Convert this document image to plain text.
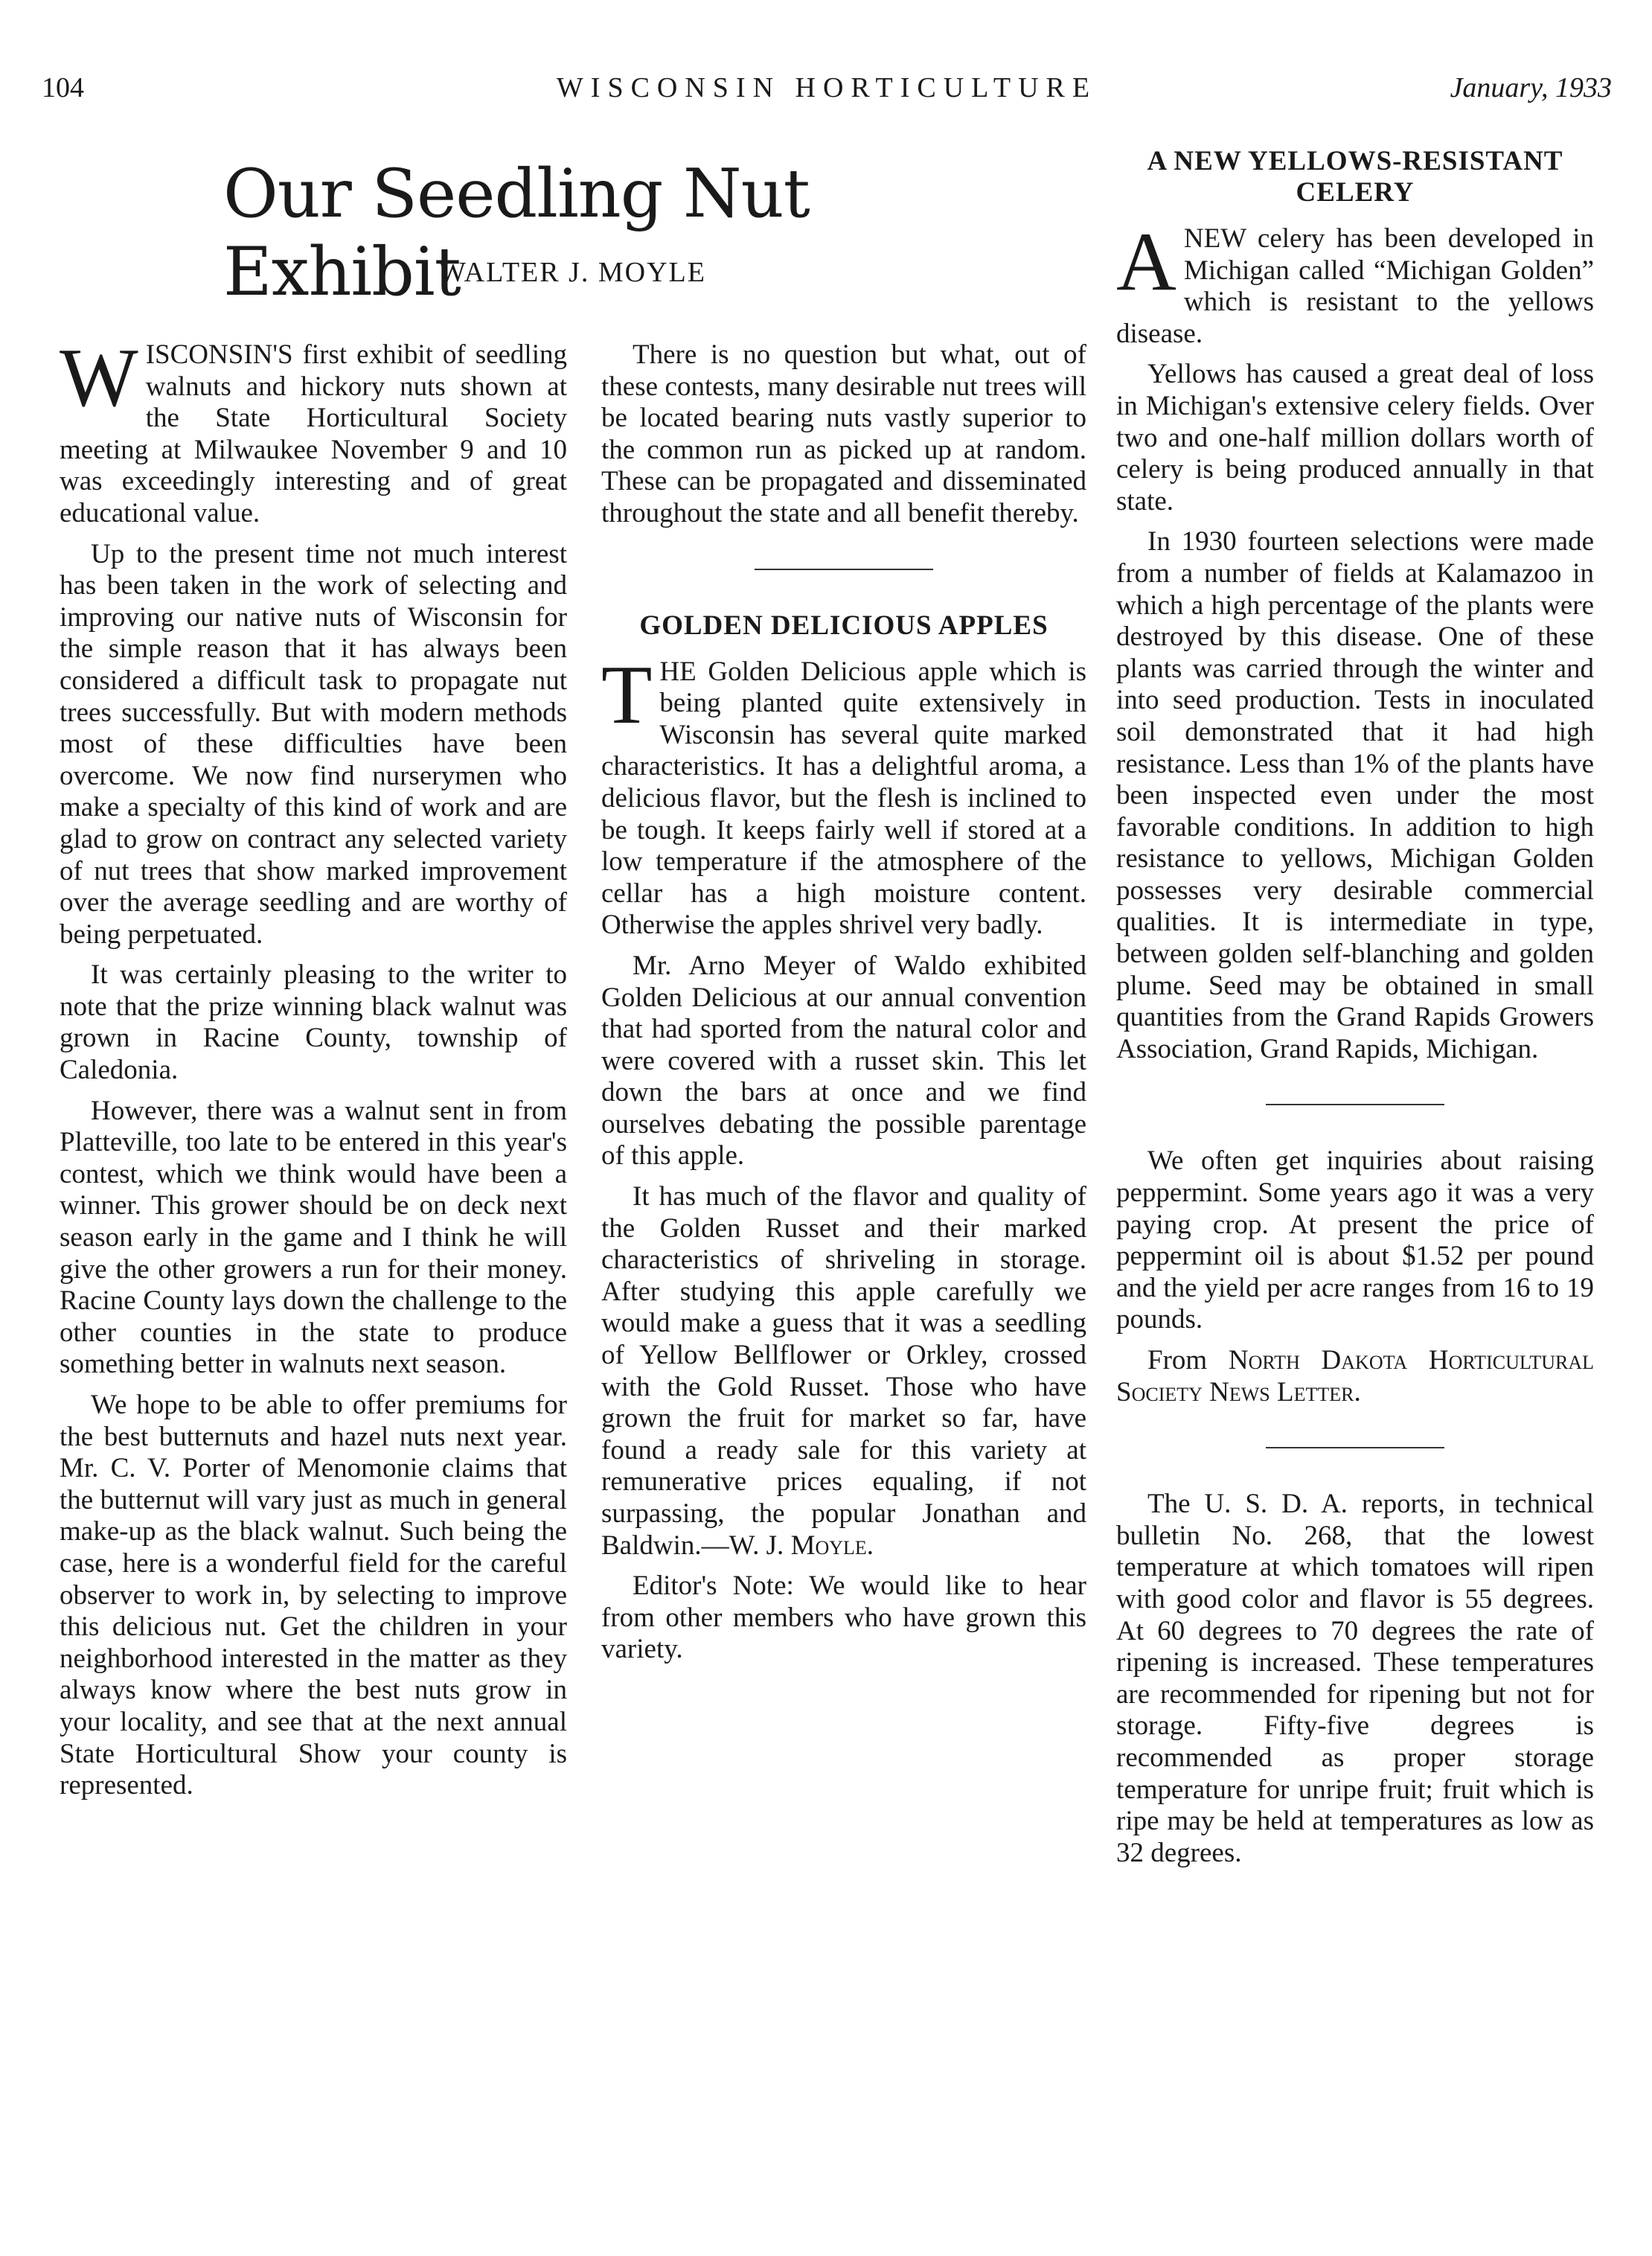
104	WISCONSIN HORTICULTURE	January, 1933
Our Seedling Nut Exhibit
WALTER J. MOYLE

WISCONSIN'S first exhibit of seedling walnuts and hickory nuts shown at the State Horticultural Society meeting at Milwaukee November 9 and 10 was exceedingly interesting and of great educational value.

Up to the present time not much interest has been taken in the work of selecting and improving our native nuts of Wisconsin for the simple reason that it has always been considered a difficult task to propagate nut trees successfully. But with modern methods most of these difficulties have been overcome. We now find nurserymen who make a specialty of this kind of work and are glad to grow on contract any selected variety of nut trees that show marked improvement over the average seedling and are worthy of being perpetuated.

It was certainly pleasing to the writer to note that the prize winning black walnut was grown in Racine County, township of Caledonia.

However, there was a walnut sent in from Platteville, too late to be entered in this year's contest, which we think would have been a winner. This grower should be on deck next season early in the game and I think he will give the other growers a run for their money. Racine County lays down the challenge to the other counties in the state to produce something better in walnuts next season.

We hope to be able to offer premiums for the best butternuts and hazel nuts next year. Mr. C. V. Porter of Menomonie claims that the butternut will vary just as much in general make-up as the black walnut. Such being the case, here is a wonderful field for the careful observer to work in, by selecting to improve this delicious nut. Get the children in your neighborhood interested in the matter as they always know where the best nuts grow in your locality, and see that at the next annual State Horticultural Show your county is represented.

There is no question but what, out of these contests, many desirable nut trees will be located bearing nuts vastly superior to the common run as picked up at random. These can be propagated and disseminated throughout the state and all benefit thereby.

GOLDEN DELICIOUS APPLES

THE Golden Delicious apple which is being planted quite extensively in Wisconsin has several quite marked characteristics. It has a delightful aroma, a delicious flavor, but the flesh is inclined to be tough. It keeps fairly well if stored at a low temperature if the atmosphere of the cellar has a high moisture content. Otherwise the apples shrivel very badly.

Mr. Arno Meyer of Waldo exhibited Golden Delicious at our annual convention that had sported from the natural color and were covered with a russet skin. This let down the bars at once and we find ourselves debating the possible parentage of this apple.

It has much of the flavor and quality of the Golden Russet and their marked characteristics of shriveling in storage. After studying this apple carefully we would make a guess that it was a seedling of Yellow Bellflower or Orkley, crossed with the Gold Russet. Those who have grown the fruit for market so far, have found a ready sale for this variety at remunerative prices equaling, if not surpassing, the popular Jonathan and Baldwin.—W. J. Moyle.

Editor's Note: We would like to hear from other members who have grown this variety.

A NEW YELLOWS-RESISTANT CELERY

ANEW celery has been developed in Michigan called “Michigan Golden” which is resistant to the yellows disease.

Yellows has caused a great deal of loss in Michigan's extensive celery fields. Over two and one-half million dollars worth of celery is being produced annually in that state.

In 1930 fourteen selections were made from a number of fields at Kalamazoo in which a high percentage of the plants were destroyed by this disease. One of these plants was carried through the winter and into seed production. Tests in inoculated soil demonstrated that it had high resistance. Less than 1% of the plants have been inspected even under the most favorable conditions. In addition to high resistance to yellows, Michigan Golden possesses very desirable commercial qualities. It is intermediate in type, between golden self-blanching and golden plume. Seed may be obtained in small quantities from the Grand Rapids Growers Association, Grand Rapids, Michigan.

We often get inquiries about raising peppermint. Some years ago it was a very paying crop. At present the price of peppermint oil is about $1.52 per pound and the yield per acre ranges from 16 to 19 pounds.

From North Dakota Horticultural Society News Letter.

The U. S. D. A. reports, in technical bulletin No. 268, that the lowest temperature at which tomatoes will ripen with good color and flavor is 55 degrees. At 60 degrees to 70 degrees the rate of ripening is increased. These temperatures are recommended for ripening but not for storage. Fifty-five degrees is recommended as proper storage temperature for unripe fruit; fruit which is ripe may be held at temperatures as low as 32 degrees.
